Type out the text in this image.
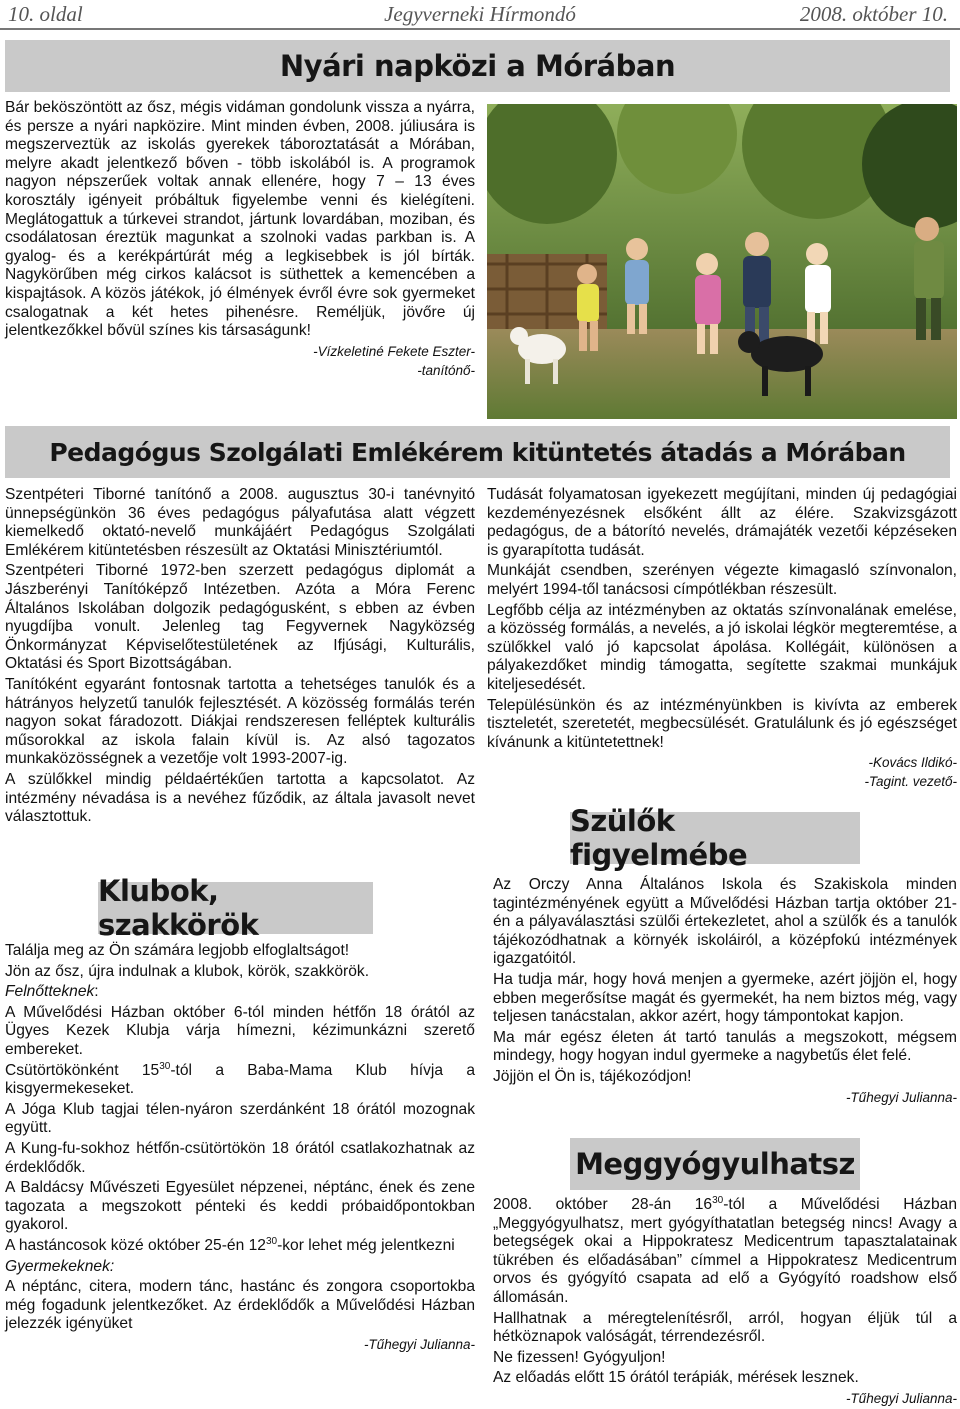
10. oldal	Jegyverneki Hírmondó	2008. október 10.
Nyári napközi a Mórában

Bár beköszöntött az ősz, mégis vidáman gondolunk vissza a nyárra, és persze a nyári napközire. Mint minden évben, 2008. júliusára is megszerveztük az iskolás gyerekek táboroztatását a Mórában, melyre akadt jelentkező bőven - több iskolából is. A programok nagyon népszerűek voltak annak ellenére, hogy 7 – 13 éves korosztály igényeit próbáltuk figyelembe venni és kielégíteni. Meglátogattuk a túrkevei strandot, jártunk lovardában, moziban, és csodálatosan éreztük magunkat a szolnoki vadas parkban is. A gyalog- és a kerékpártúrát még a legkisebbek is jól bírták. Nagykörűben még cirkos kalácsot is süthettek a kemencében a kispajtások. A közös játékok, jó élmények évről évre sok gyermeket csalogatnak a két hetes pihenésre. Reméljük, jövőre új jelentkezőkkel bővül színes kis társaságunk!

-Vízkeletiné Fekete Eszter-

-tanítónő-

Pedagógus Szolgálati Emlékérem kitüntetés átadás a Mórában

Szentpéteri Tiborné tanítónő a 2008. augusztus 30-i tanévnyitó ünnepségünkön 36 éves pedagógus pályafutása alatt végzett kiemelkedő oktató-nevelő munkájáért Pedagógus Szolgálati Emlékérem kitüntetésben részesült az Oktatási Minisztériumtól.

Szentpéteri Tiborné 1972-ben szerzett pedagógus diplomát a Jászberényi Tanítóképző Intézetben. Azóta a Móra Ferenc Általános Iskolában dolgozik pedagógusként, s ebben az évben nyugdíjba vonult. Jelenleg tag Fegyvernek Nagyközség Önkormányzat Képviselőtestületének az Ifjúsági, Kulturális, Oktatási és Sport Bizottságában.

Tanítóként egyaránt fontosnak tartotta a tehetséges tanulók és a hátrányos helyzetű tanulók fejlesztését. A közösség formálás terén nagyon sokat fáradozott. Diákjai rendszeresen felléptek kulturális műsorokkal az iskola falain kívül is. Az alsó tagozatos munkaközösségnek a vezetője volt 1993-2007-ig.

A szülőkkel mindig példaértékűen tartotta a kapcsolatot. Az intézmény névadása is a nevéhez fűződik, az általa javasolt nevet választottuk.

Tudását folyamatosan igyekezett megújítani, minden új pedagógiai kezdeményezésnek elsőként állt az élére. Szakvizsgázott pedagógus, de a bátorító nevelés, drámajáték vezetői képzéseken is gyarapította tudását.

Munkáját csendben, szerényen végezte kimagasló színvonalon, melyért 1994-től tanácsosi címpótlékban részesült.

Legfőbb célja az intézményben az oktatás színvonalának emelése, a közösség formálás, a nevelés, a jó iskolai légkör megteremtése, a szülőkkel való jó kapcsolat ápolása. Kollégáit, különösen a pályakezdőket mindig támogatta, segítette szakmai munkájuk kiteljesedését.

Településünkön és az intézményünkben is kivívta az emberek tiszteletét, szeretetét, megbecsülését. Gratulálunk és jó egészséget kívánunk a kitüntetettnek!

-Kovács Ildikó-

-Tagint. vezető-

Klubok, szakkörök

Találja meg az Ön számára legjobb elfoglaltságot!

Jön az ősz, újra indulnak a klubok, körök, szakkörök.

Felnőtteknek:

A Művelődési Házban október 6-tól minden hétfőn 18 órától az Ügyes Kezek Klubja várja hímezni, kézimunkázni szerető embereket.

Csütörtökönként $15^{30}$-tól a Baba-Mama Klub hívja a kisgyermekeseket.

A Jóga Klub tagjai télen-nyáron szerdánként 18 órától mozognak együtt.

A Kung-fu-sokhoz hétfőn-csütörtökön 18 órától csatlakozhatnak az érdeklődők.

A Baldácsy Művészeti Egyesület népzenei, néptánc, ének és zene tagozata a megszokott pénteki és keddi próbaidőpontokban gyakorol.

A hastáncosok közé október 25-én $12^{30}$-kor lehet még jelentkezni

Gyermekeknek:

A néptánc, citera, modern tánc, hastánc és zongora csoportokba még fogadunk jelentkezőket. Az érdeklődők a Művelődési Házban jelezzék igényüket

-Tűhegyi Julianna-

Szülők figyelmébe

Az Orczy Anna Általános Iskola és Szakiskola minden tagintézményének együtt a Művelődési Házban tartja október 21-én a pályaválasztási szülői értekezletet, ahol a szülők és a tanulók tájékozódhatnak a környék iskoláiról, a középfokú intézmények igazgatóitól.

Ha tudja már, hogy hová menjen a gyermeke, azért jöjjön el, hogy ebben megerősítse magát és gyermekét, ha nem biztos még, vagy teljesen tanácstalan, akkor azért, hogy támpontokat kapjon.

Ma már egész életen át tartó tanulás a megszokott, mégsem mindegy, hogy hogyan indul gyermeke a nagybetűs élet felé.

Jöjjön el Ön is, tájékozódjon!

-Tűhegyi Julianna-

Meggyógyulhatsz

2008. október 28-án $16^{30}$-tól a Művelődési Házban „Meggyógyulhatsz, mert gyógyíthatatlan betegség nincs! Avagy a betegségek okai a Hippokratesz Medicentrum tapasztalatainak tükrében és előadásában” címmel a Hippokratesz Medicentrum orvos és gyógyító csapata ad elő a Gyógyító roadshow első állomásán.

Hallhatnak a méregtelenítésről, arról, hogyan éljük túl a hétköznapok valóságát, térrendezésről.

Ne fizessen! Gyógyuljon!

Az előadás előtt 15 órától terápiák, mérések lesznek.

-Tűhegyi Julianna-
